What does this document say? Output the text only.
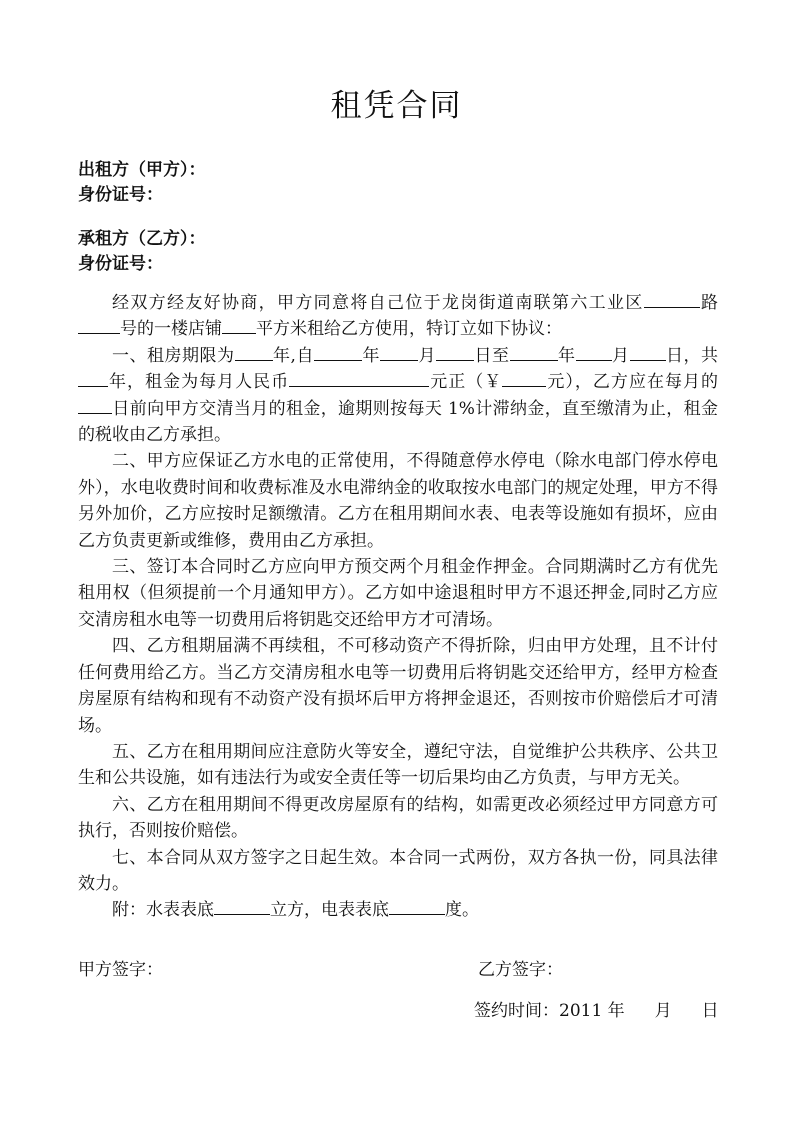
租凭合同
出租方（甲方）：
身份证号：
承租方（乙方）：
身份证号：

经双方经友好协商，甲方同意将自己位于龙岗街道南联第六工业区	路号的一楼店铺 平方米租给乙方使用，特订立如下协议：

一、租房期限为 年,自	年 月 日至	年 月 日，共年，租金为每月人民币	元正（￥	元），乙方应在每月的日前向甲方交清当月的租金，逾期则按每天 1%计滞纳金，直至缴清为止，租金的税收由乙方承担。

二、甲方应保证乙方水电的正常使用，不得随意停水停电（除水电部门停水停电外），水电收费时间和收费标准及水电滞纳金的收取按水电部门的规定处理，甲方不得另外加价，乙方应按时足额缴清。乙方在租用期间水表、电表等设施如有损坏，应由乙方负责更新或维修，费用由乙方承担。

三、签订本合同时乙方应向甲方预交两个月租金作押金。合同期满时乙方有优先租用权（但须提前一个月通知甲方）。乙方如中途退租时甲方不退还押金,同时乙方应交清房租水电等一切费用后将钥匙交还给甲方才可清场。

四、乙方租期届满不再续租，不可移动资产不得折除，归由甲方处理，且不计付任何费用给乙方。当乙方交清房租水电等一切费用后将钥匙交还给甲方，经甲方检查房屋原有结构和现有不动资产没有损坏后甲方将押金退还，否则按市价赔偿后才可清场。

五、乙方在租用期间应注意防火等安全，遵纪守法，自觉维护公共秩序、公共卫生和公共设施，如有违法行为或安全责任等一切后果均由乙方负责，与甲方无关。

六、乙方在租用期间不得更改房屋原有的结构，如需更改必须经过甲方同意方可执行，否则按价赔偿。

七、本合同从双方签字之日起生效。本合同一式两份，双方各执一份，同具法律效力。

附：水表表底	立方，电表表底	度。

甲方签字：	乙方签字：
签约时间：2011 年 月 日
